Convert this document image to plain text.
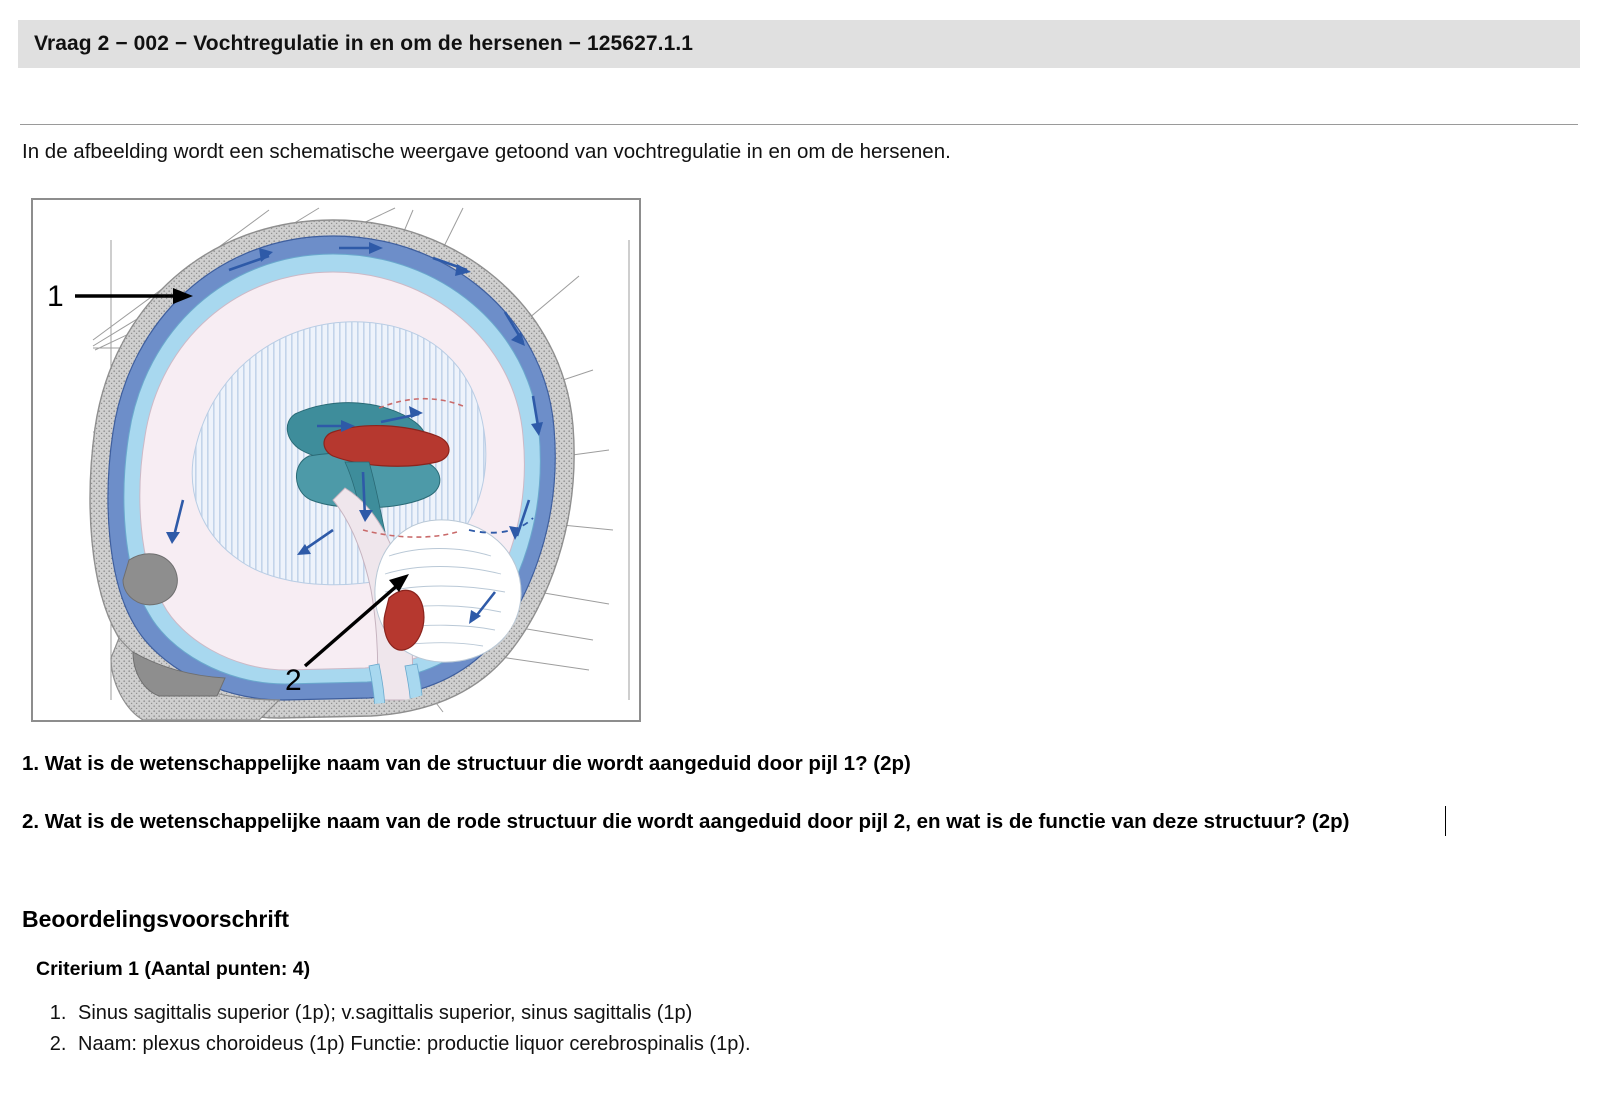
Vraag 2 − 002 − Vochtregulatie in en om de hersenen − 125627.1.1
In de afbeelding wordt een schematische weergave getoond van vochtregulatie in en om de hersenen.
1
2
1. Wat is de wetenschappelijke naam van de structuur die wordt aangeduid door pijl 1? (2p)
2. Wat is de wetenschappelijke naam van de rode structuur die wordt aangeduid door pijl 2, en wat is de functie van deze structuur? (2p)
Beoordelingsvoorschrift
Criterium 1 (Aantal punten: 4)
1. Sinus sagittalis superior (1p); v.sagittalis superior, sinus sagittalis (1p)
2. Naam: plexus choroideus (1p) Functie: productie liquor cerebrospinalis (1p).
